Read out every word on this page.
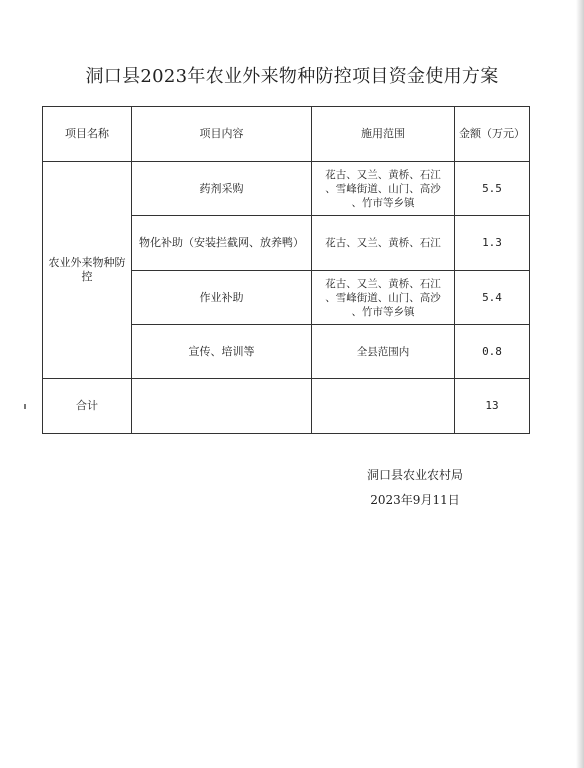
洞口县2023年农业外来物种防控项目资金使用方案
项目名称	项目内容	施用范围	金额（万元）
农业外来物种防控	药剂采购	花古、又兰、黄桥、石江
、雪峰街道、山门、高沙
、竹市等乡镇	5.5
	物化补助（安装拦截网、放养鸭）	花古、又兰、黄桥、石江	1.3
	作业补助	花古、又兰、黄桥、石江
、雪峰街道、山门、高沙
、竹市等乡镇	5.4
	宣传、培训等	全县范围内	0.8
合计			13
洞口县农业农村局
2023年9月11日
